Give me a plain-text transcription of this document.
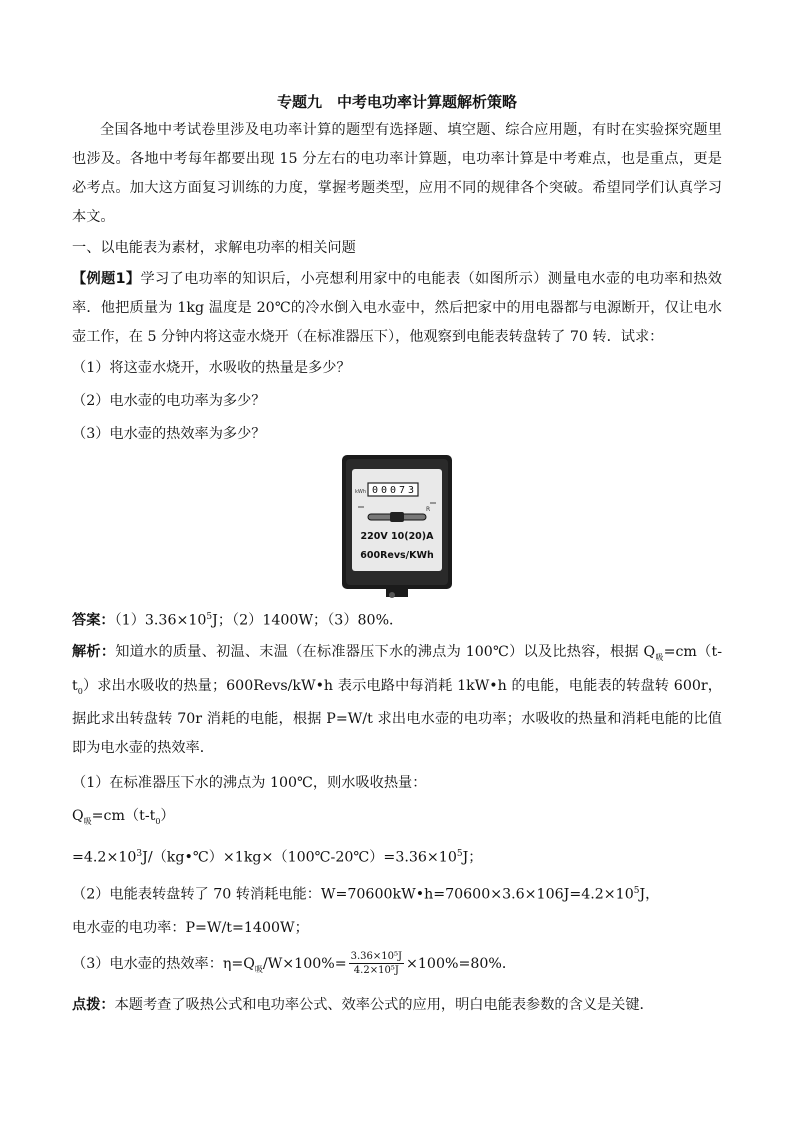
专题九　中考电功率计算题解析策略

全国各地中考试卷里涉及电功率计算的题型有选择题、填空题、综合应用题，有时在实验探究题里也涉及。各地中考每年都要出现 15 分左右的电功率计算题，电功率计算是中考难点，也是重点，更是必考点。加大这方面复习训练的力度，掌握考题类型，应用不同的规律各个突破。希望同学们认真学习本文。

一、以电能表为素材，求解电功率的相关问题

【例题1】学习了电功率的知识后，小亮想利用家中的电能表（如图所示）测量电水壶的电功率和热效率．他把质量为 1kg 温度是 20℃的冷水倒入电水壶中，然后把家中的用电器都与电源断开，仅让电水壶工作，在 5 分钟内将这壶水烧开（在标准器压下），他观察到电能表转盘转了 70 转．试求：

（1）将这壶水烧开，水吸收的热量是多少？

（2）电水壶的电功率为多少？

（3）电水壶的热效率为多少？

0 0 0 7 3
kWh
R
220V 10(20)A
600Revs/KWh

答案：$(1)3.36\times 10^5J$；（2）1400W；（3）80%．

解析：知道水的质量、初温、末温（在标准器压下水的沸点为 100℃）以及比热容，根据 $Q_吸=cm(t-t_0)$求出水吸收的热量；600Revs/kW•h 表示电路中每消耗 1kW•h 的电能，电能表的转盘转 600r，据此求出转盘转 70r 消耗的电能，根据 P=W/t 求出电水壶的电功率；水吸收的热量和消耗电能的比值即为电水壶的热效率．

（1）在标准器压下水的沸点为 100℃，则水吸收热量：

$Q_吸=cm(t-t_0)$

$=4.2\times 10^3J/(kg•℃)\times 1kg\times(100℃-20℃)=3.36\times 10^5J$；

（2）电能表转盘转了 70 转消耗电能：$W=70600kW•h=70600\times 3.6\times 106J=4.2\times 10^5J$，

电水壶的电功率：P=W/t=1400W；

（3）电水壶的热效率：$\eta=Q_吸/W\times 100\%= \frac{\text{3.36×10⁵J}}{\text{4.2×10⁵J}} \times 100\%=80\%$．

点拨：本题考查了吸热公式和电功率公式、效率公式的应用，明白电能表参数的含义是关键．
